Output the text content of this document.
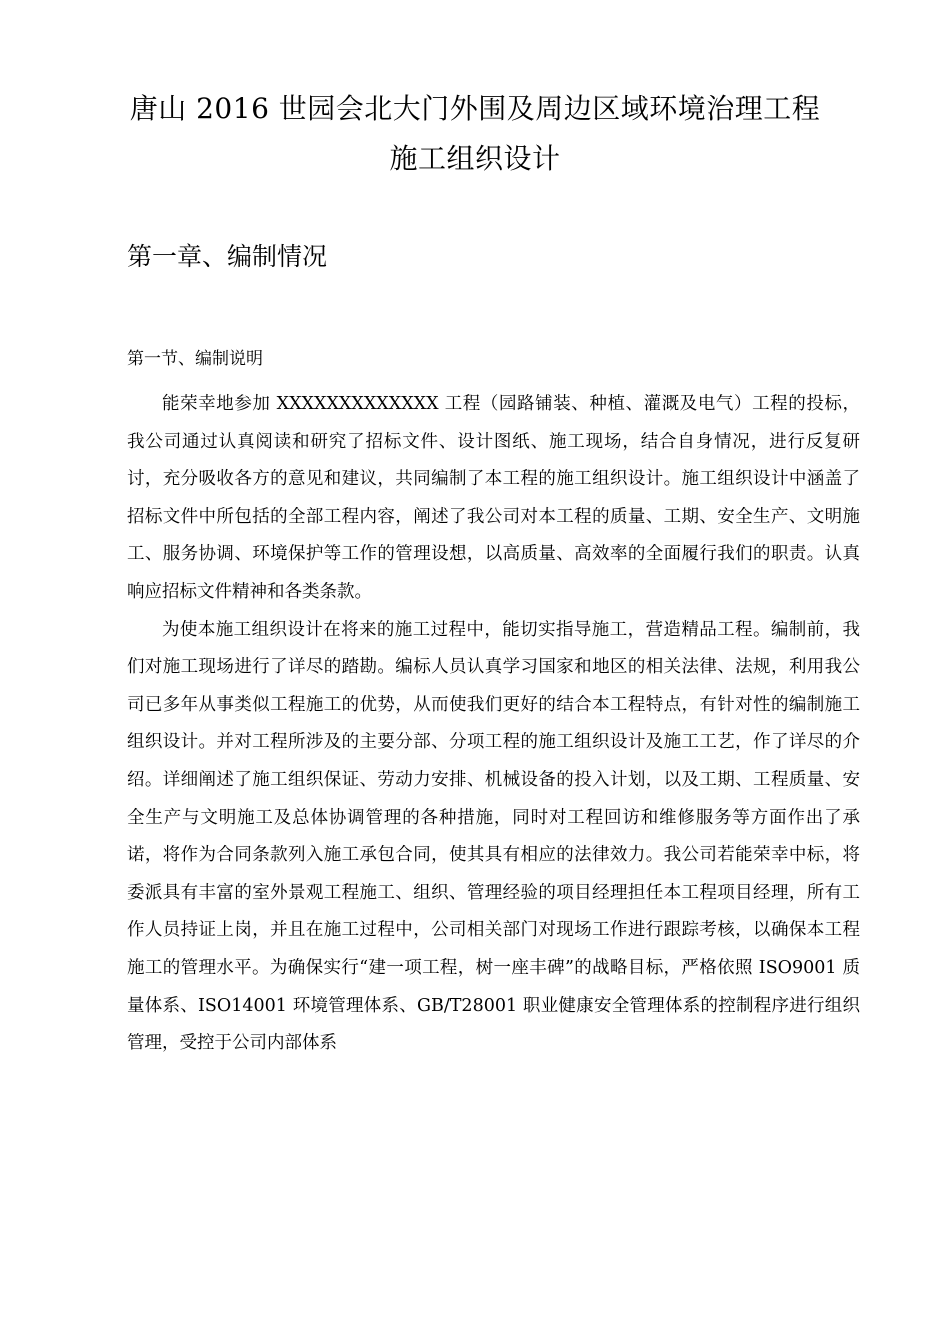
唐山 2016 世园会北大门外围及周边区域环境治理工程
施工组织设计
第一章、编制情况
第一节、编制说明

能荣幸地参加 XXXXXXXXXXXXX 工程（园路铺装、种植、灌溉及电气）工程的投标，我公司通过认真阅读和研究了招标文件、设计图纸、施工现场，结合自身情况，进行反复研讨，充分吸收各方的意见和建议，共同编制了本工程的施工组织设计。施工组织设计中涵盖了招标文件中所包括的全部工程内容，阐述了我公司对本工程的质量、工期、安全生产、文明施工、服务协调、环境保护等工作的管理设想，以高质量、高效率的全面履行我们的职责。认真响应招标文件精神和各类条款。

为使本施工组织设计在将来的施工过程中，能切实指导施工，营造精品工程。编制前，我们对施工现场进行了详尽的踏勘。编标人员认真学习国家和地区的相关法律、法规，利用我公司已多年从事类似工程施工的优势，从而使我们更好的结合本工程特点，有针对性的编制施工组织设计。并对工程所涉及的主要分部、分项工程的施工组织设计及施工工艺，作了详尽的介绍。详细阐述了施工组织保证、劳动力安排、机械设备的投入计划，以及工期、工程质量、安全生产与文明施工及总体协调管理的各种措施，同时对工程回访和维修服务等方面作出了承诺，将作为合同条款列入施工承包合同，使其具有相应的法律效力。我公司若能荣幸中标，将委派具有丰富的室外景观工程施工、组织、管理经验的项目经理担任本工程项目经理，所有工作人员持证上岗，并且在施工过程中，公司相关部门对现场工作进行跟踪考核，以确保本工程施工的管理水平。为确保实行“建一项工程，树一座丰碑”的战略目标，严格依照 ISO9001 质量体系、ISO14001 环境管理体系、GB/T28001 职业健康安全管理体系的控制程序进行组织管理，受控于公司内部体系
